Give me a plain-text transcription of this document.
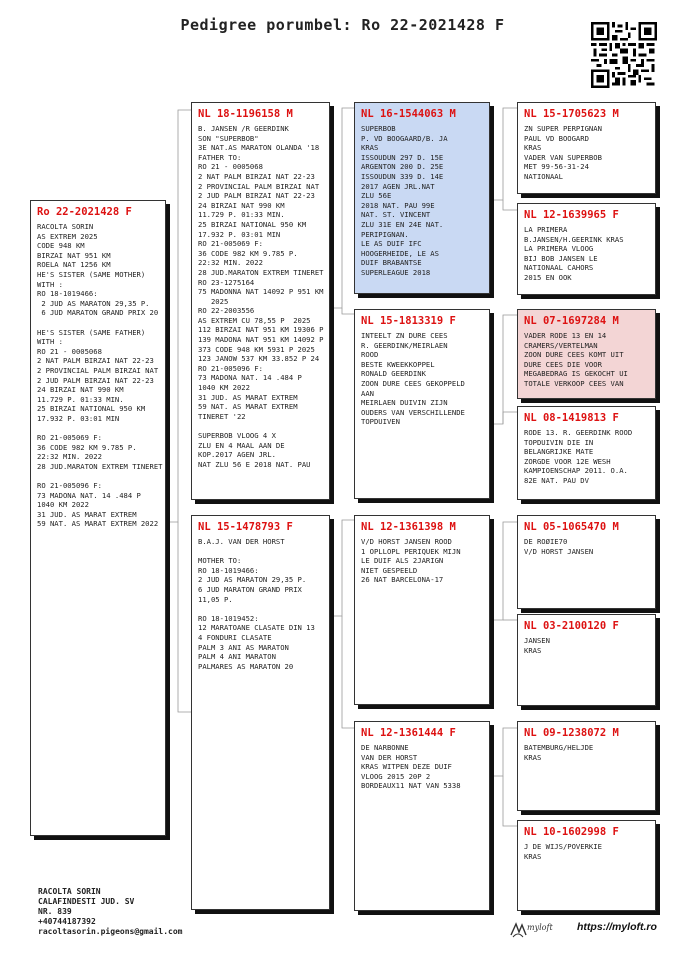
Pedigree porumbel: Ro 22-2021428 F
Ro 22-2021428 F
RACOLTA SORIN
AS EXTREM 2025
CODE 948 KM
BIRZAI NAT 951 KM
ROELA NAT 1256 KM
HE'S SISTER (SAME MOTHER)
WITH :
RO 18-1019466:
2 JUD AS MARATON 29,35 P.
6 JUD MARATON GRAND PRIX 20

HE'S SISTER (SAME FATHER)
WITH :
RO 21 - 0005068
2 NAT PALM BIRZAI NAT 22-23
2 PROVINCIAL PALM BIRZAI NAT
2 JUD PALM BIRZAI NAT 22-23
24 BIRZAI NAT 990 KM
11.729 P. 01:33 MIN.
25 BIRZAI NATIONAL 950 KM
17.932 P. 03:01 MIN

RO 21-005069 F:
36 CODE 982 KM 9.785 P.
22:32 MIN. 2022
28 JUD.MARATON EXTREM TINERET

RO 21-005096 F:
73 MADONA NAT. 14 .484 P
1040 KM 2022
31 JUD. AS MARAT EXTREM
59 NAT. AS MARAT EXTREM 2022
NL 18-1196158 M
B. JANSEN /R GEERDINK
SON "SUPERBOB"
3E NAT.AS MARATON OLANDA '18
FATHER TO:
RO 21 - 0005068
2 NAT PALM BIRZAI NAT 22-23
2 PROVINCIAL PALM BIRZAI NAT
2 JUD PALM BIRZAI NAT 22-23
24 BIRZAI NAT 990 KM
11.729 P. 01:33 MIN.
25 BIRZAI NATIONAL 950 KM
17.932 P. 03:01 MIN
RO 21-005069 F:
36 CODE 982 KM 9.785 P.
22:32 MIN. 2022
28 JUD.MARATON EXTREM TINERET
RO 23-1275164
75 MADONNA NAT 14092 P 951 KM
2025
RO 22-2003556
AS EXTREM CU 78,55 P  2025
112 BIRZAI NAT 951 KM 19306 P
139 MADONA NAT 951 KM 14092 P
373 CODE 948 KM 5931 P 2025
123 JANOW 537 KM 33.852 P 24
RO 21-005096 F:
73 MADONA NAT. 14 .484 P
1040 KM 2022
31 JUD. AS MARAT EXTREM
59 NAT. AS MARAT EXTREM
TINERET '22

SUPERBOB VLOOG 4 X
ZLU EN 4 MAAL AAN DE
KOP.2017 AGEN JRL.
NAT ZLU 56 E 2018 NAT. PAU
NL 15-1478793 F
B.A.J. VAN DER HORST

MOTHER TO:
RO 18-1019466:
2 JUD AS MARATON 29,35 P.
6 JUD MARATON GRAND PRIX
11,05 P.

RO 18-1019452:
12 MARATOANE CLASATE DIN 13
4 FONDURI CLASATE
PALM 3 ANI AS MARATON
PALM 4 ANI MARATON
PALMARES AS MARATON 20
NL 16-1544063 M
SUPERBOB
P. VD BOOGAARD/B. JA
KRAS
ISSOUDUN 297 D. 15E
ARGENTON 200 D. 25E
ISSOUDUN 339 D. 14E
2017 AGEN JRL.NAT
ZLU 56E
2018 NAT. PAU 99E
NAT. ST. VINCENT
ZLU 31E EN 24E NAT.
PERIPIGNAN.
LE AS DUIF IFC
HOOGERHEIDE, LE AS
DUIF BRABANTSE
SUPERLEAGUE 2018
NL 15-1813319 F
INTEELT ZN DURE CEES
R. GEERDINK/MEIRLAEN
ROOD
BESTE KWEEKKOPPEL
RONALD GEERDINK
ZOON DURE CEES GEKOPPELD
AAN
MEIRLAEN DUIVIN ZIJN
OUDERS VAN VERSCHILLENDE
TOPDUIVEN
NL 12-1361398 M
V/D HORST JANSEN ROOD
1 OPLLOPL PERIQUEK MIJN
LE DUIF ALS 2JARIGN
NIET GESPEELD
26 NAT BARCELONA-17
NL 12-1361444 F
DE NARBONNE
VAN DER HORST
KRAS WITPEN DEZE DUIF
VLOOG 2015 20P 2
BORDEAUX11 NAT VAN 5338
NL 15-1705623 M
ZN SUPER PERPIGNAN
PAUL VD BOOGARD
KRAS
VADER VAN SUPERBOB
MET 99-56-31-24
NATIONAAL
NL 12-1639965 F
LA PRIMERA
B.JANSEN/H.GEERINK KRAS
LA PRIMERA VLOOG
BIJ BOB JANSEN LE
NATIONAAL CAHORS
2015 EN OOK
NL 07-1697284 M
VADER RODE 13 EN 14
CRAMERS/VERTELMAN
ZOON DURE CEES KOMT UIT
DURE CEES DIE VOOR
MEGABEDRAG IS GEKOCHT UI
TOTALE VERKOOP CEES VAN
NL 08-1419813 F
RODE 13. R. GEERDINK ROOD
TOPDUIVIN DIE IN
BELANGRIJKE MATE
ZORGDE VOOR 12E WESH
KAMPIOENSCHAP 2011. O.A.
82E NAT. PAU DV
NL 05-1065470 M
DE ROØIE70
V/D HORST JANSEN
NL 03-2100120 F
JANSEN
KRAS
NL 09-1238072 M
BATEMBURG/HELJDE
KRAS
NL 10-1602998 F
J DE WIJS/POVERKIE
KRAS
RACOLTA SORIN
CALAFINDESTI JUD. SV
NR. 839
+40744187392
racoltasorin.pigeons@gmail.com	myloft https://myloft.ro
